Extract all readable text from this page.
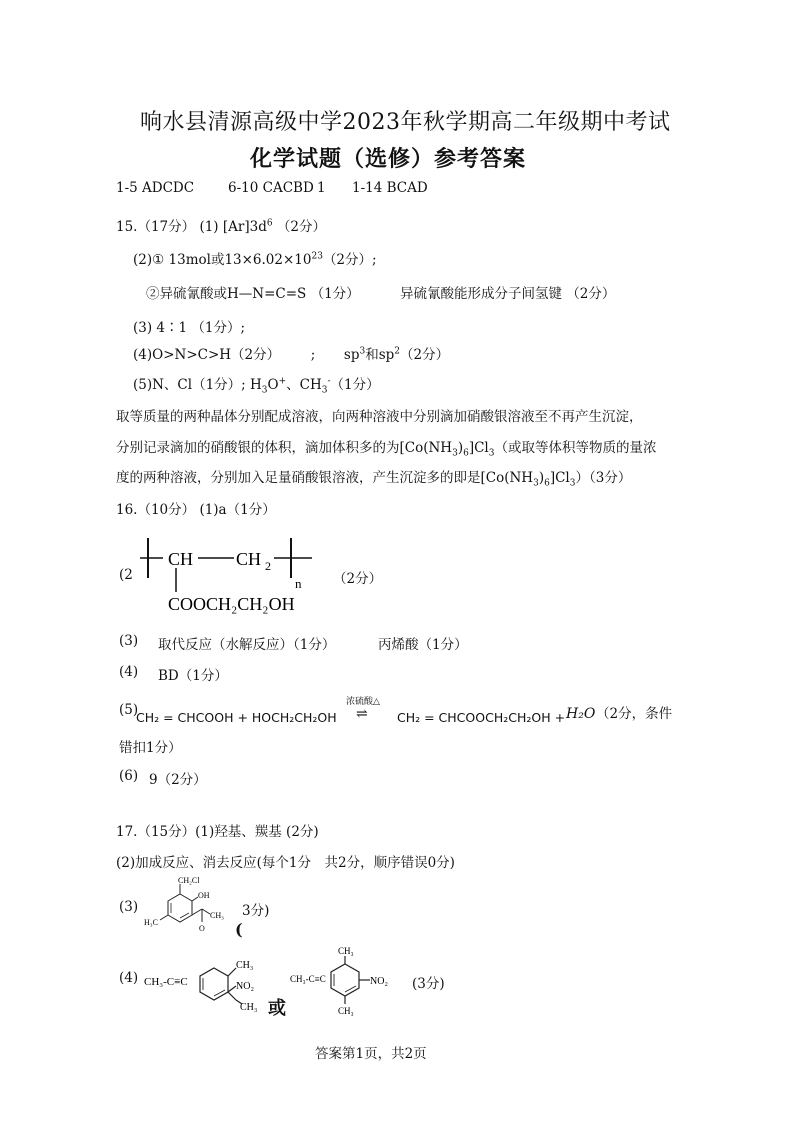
响水县清源高级中学2023年秋学期高二年级期中考试
化学试题（选修）参考答案
1-5 ADCDC	6-10 CACBD 1 1-14 BCAD
15.（17分） (1) $[Ar]3d^6$ （2分）
(2)① 13mol或$13\times 6.02\times 10^{23}(2$分）;
②异硫氰酸或H—N=C=S （1分）	异硫氰酸能形成分子间氢键 （2分）
(3) 4∶1 （1分）;
(4)O>N>C>H（2分） ; $sp^3$和$sp^2(2$分）
(5)N、Cl（1分）; $H_3O^+$、$CH_3^-(1$分）
取等质量的两种晶体分别配成溶液，向两种溶液中分别滴加硝酸银溶液至不再产生沉淀，
分别记录滴加的硝酸银的体积，滴加体积多的为$[Co(NH_3)_6]Cl_3$（或取等体积等物质的量浓
度的两种溶液，分别加入足量硝酸银溶液，产生沉淀多的即是$[Co(NH_3)_6]Cl_3)(3$分）
16.（10分） (1)a（1分）
(2
CH CH 2
n
COOCH₂CH₂OH
（2分）
(3) 取代反应（水解反应）（1分）	丙烯酸（1分）
(4) BD（1分）
(5)
CH₂ = CHCOOH + HOCH₂CH₂OH
浓硫酸△
⇌ CH₂ = CHCOOCH₂CH₂OH + H₂O （2分，条件
错扣1分）
(6) 9（2分）
17.（15分）(1)羟基、羰基 (2分)
(2)加成反应、消去反应(每个1分　共2分，顺序错误0分)
(3)
CH₂Cl
OH
O
CH₃
H₃C
3分)
(
(4) CH₃-C≡C
CH₃
NO₂
CH₃ 或
CH₃-C≡C
CH₃
NO₂
CH₃
(3分)
答案第1页，共2页
